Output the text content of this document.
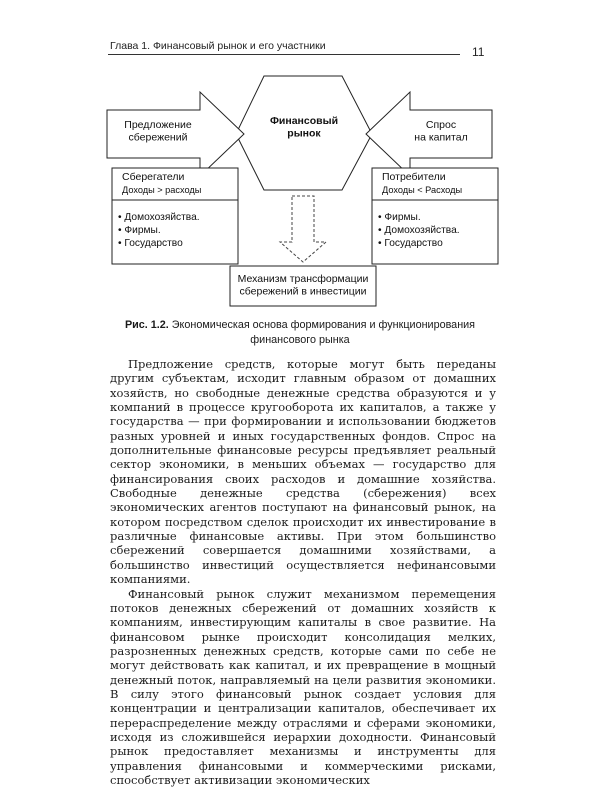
Глава 1. Финансовый рынок и его участники	11
Финансовый рынок
Предложение сбережений
Спрос на капитал
Сберегатели
Доходы > расходы
• Домохозяйства.
• Фирмы.
• Государство
Потребители
Доходы < Расходы
• Фирмы.
• Домохозяйства.
• Государство
Механизм трансформации сбережений в инвестиции
Рис. 1.2. Экономическая основа формирования и функционирования финансового рынка

Предложение средств, которые могут быть переданы другим субъектам, исходит главным образом от домашних хозяйств, но свободные денежные средства образуются и у компаний в процессе кругооборота их капиталов, а также у государства — при формировании и использовании бюджетов разных уровней и иных государственных фондов. Спрос на дополнительные финансовые ресурсы предъявляет реальный сектор экономики, в меньших объемах — государство для финансирования своих расходов и домашние хозяйства. Свободные денежные средства (сбережения) всех экономических агентов поступают на финансовый рынок, на котором посредством сделок происходит их инвестирование в различные финансовые активы. При этом большинство сбережений совершается домашними хозяйствами, а большинство инвестиций осуществляется нефинансовыми компаниями.

Финансовый рынок служит механизмом перемещения потоков денежных сбережений от домашних хозяйств к компаниям, инвестирующим капиталы в свое развитие. На финансовом рынке происходит консолидация мелких, разрозненных денежных средств, которые сами по себе не могут действовать как капитал, и их превращение в мощный денежный поток, направляемый на цели развития экономики. В силу этого финансовый рынок создает условия для концентрации и централизации капиталов, обеспечивает их перераспределение между отраслями и сферами экономики, исходя из сложившейся иерархии доходности. Финансовый рынок предоставляет механизмы и инструменты для управления финансовыми и коммерческими рисками, способствует активизации экономических
